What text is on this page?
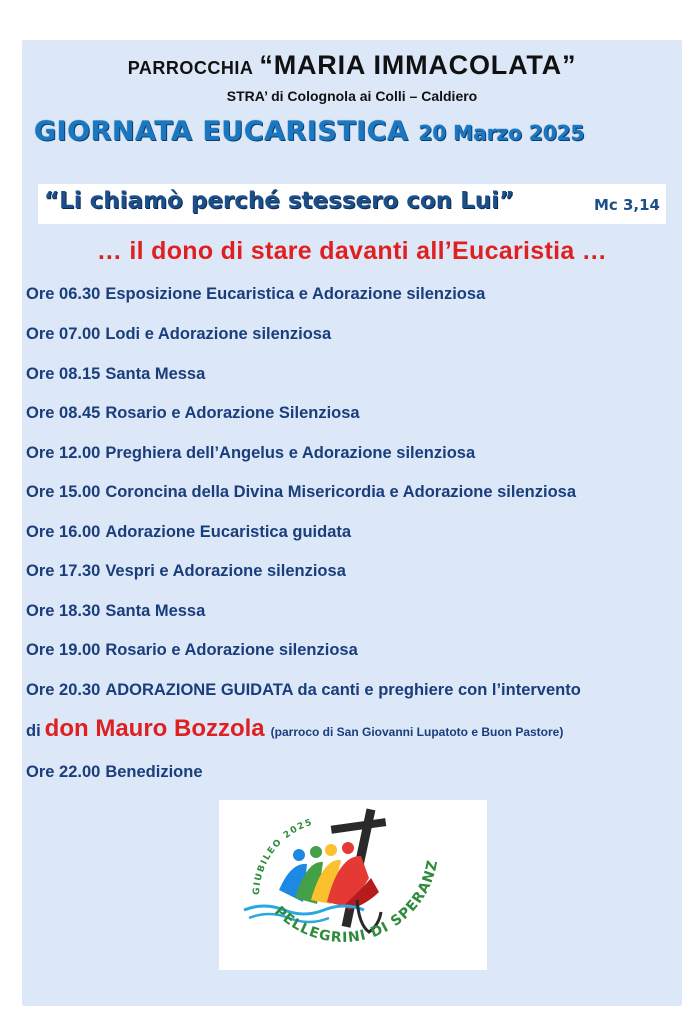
PARROCCHIA “MARIA IMMACOLATA”
STRA’ di Colognola ai Colli – Caldiero
GIORNATA EUCARISTICA 20 Marzo 2025
“Li chiamò perché stessero con Lui”	Mc 3,14
… il dono di stare davanti all’Eucaristia …
Ore 06.30 Esposizione Eucaristica e Adorazione silenziosa
Ore 07.00 Lodi e Adorazione silenziosa
Ore 08.15 Santa Messa
Ore 08.45 Rosario e Adorazione Silenziosa
Ore 12.00 Preghiera dell’Angelus e Adorazione silenziosa
Ore 15.00 Coroncina della Divina Misericordia e Adorazione silenziosa
Ore 16.00 Adorazione Eucaristica guidata
Ore 17.30 Vespri e Adorazione silenziosa
Ore 18.30 Santa Messa
Ore 19.00 Rosario e Adorazione silenziosa
Ore 20.30 ADORAZIONE GUIDATA da canti e preghiere con l’intervento
di don Mauro Bozzola (parroco di San Giovanni Lupatoto e Buon Pastore)
Ore 22.00 Benedizione
GIUBILEO 2025
PELLEGRINI DI SPERANZ
